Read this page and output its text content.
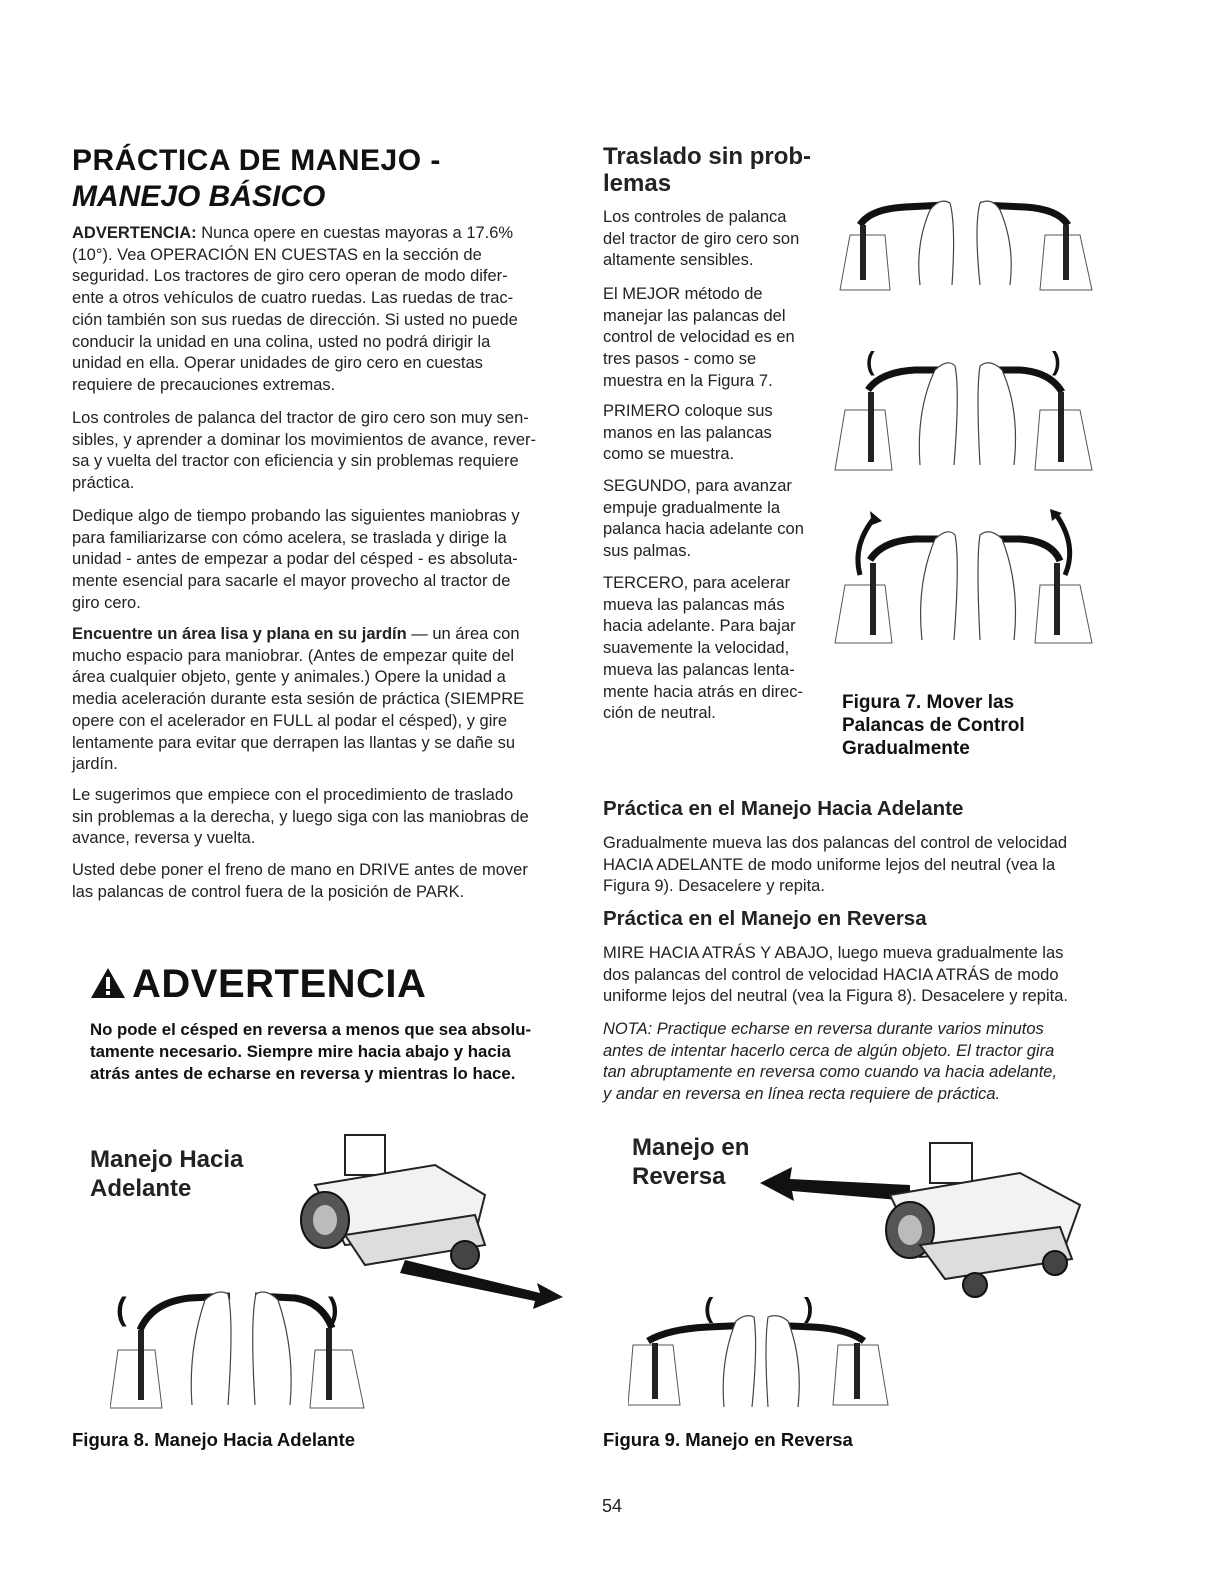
PRÁCTICA DE MANEJO -
MANEJO BÁSICO
ADVERTENCIA: Nunca opere en cuestas mayoras a 17.6%
(10°). Vea OPERACIÓN EN CUESTAS en la sección de
seguridad. Los tractores de giro cero operan de modo difer-
ente a otros vehículos de cuatro ruedas. Las ruedas de trac-
ción también son sus ruedas de dirección. Si usted no puede
conducir la unidad en una colina, usted no podrá dirigir la
unidad en ella. Operar unidades de giro cero en cuestas
requiere de precauciones extremas.
Los controles de palanca del tractor de giro cero son muy sen-
sibles, y aprender a dominar los movimientos de avance, rever-
sa y vuelta del tractor con eficiencia y sin problemas requiere
práctica.
Dedique algo de tiempo probando las siguientes maniobras y
para familiarizarse con cómo acelera, se traslada y dirige la
unidad - antes de empezar a podar del césped - es absoluta-
mente esencial para sacarle el mayor provecho al tractor de
giro cero.
Encuentre un área lisa y plana en su jardín — un área con
mucho espacio para maniobrar. (Antes de empezar quite del
área cualquier objeto, gente y animales.) Opere la unidad a
media aceleración durante esta sesión de práctica (SIEMPRE
opere con el acelerador en FULL al podar el césped), y gire
lentamente para evitar que derrapen las llantas y se dañe su
jardín.
Le sugerimos que empiece con el procedimiento de traslado
sin problemas a la derecha, y luego siga con las maniobras de
avance, reversa y vuelta.
Usted debe poner el freno de mano en DRIVE antes de mover
las palancas de control fuera de la posición de PARK.
ADVERTENCIA
No pode el césped en reversa a menos que sea absolu-
tamente necesario. Siempre mire hacia abajo y hacia
atrás antes de echarse en reversa y mientras lo hace.
Traslado sin prob-
lemas
Los controles de palanca
del tractor de giro cero son
altamente sensibles.
El MEJOR método de
manejar las palancas del
control de velocidad es en
tres pasos - como se
muestra en la Figura 7.
PRIMERO coloque sus
manos en las palancas
como se muestra.
SEGUNDO, para avanzar
empuje gradualmente la
palanca hacia adelante con
sus palmas.
TERCERO, para acelerar
mueva las palancas más
hacia adelante. Para bajar
suavemente la velocidad,
mueva las palancas lenta-
mente hacia atrás en direc-
ción de neutral.
(	)
Figura 7. Mover las
Palancas de Control
Gradualmente
Práctica en el Manejo Hacia Adelante
Gradualmente mueva las dos palancas del control de velocidad
HACIA ADELANTE de modo uniforme lejos del neutral (vea la
Figura 9). Desacelere y repita.
Práctica en el Manejo en Reversa
MIRE HACIA ATRÁS Y ABAJO, luego mueva gradualmente las
dos palancas del control de velocidad HACIA ATRÁS de modo
uniforme lejos del neutral (vea la Figura 8). Desacelere y repita.
NOTA: Practique echarse en reversa durante varios minutos
antes de intentar hacerlo cerca de algún objeto. El tractor gira
tan abruptamente en reversa como cuando va hacia adelante,
y andar en reversa en línea recta requiere de práctica.
Manejo Hacia
Adelante
(	)
Figura 8. Manejo Hacia Adelante
Manejo en
Reversa
(	)
Figura 9. Manejo en Reversa
54
